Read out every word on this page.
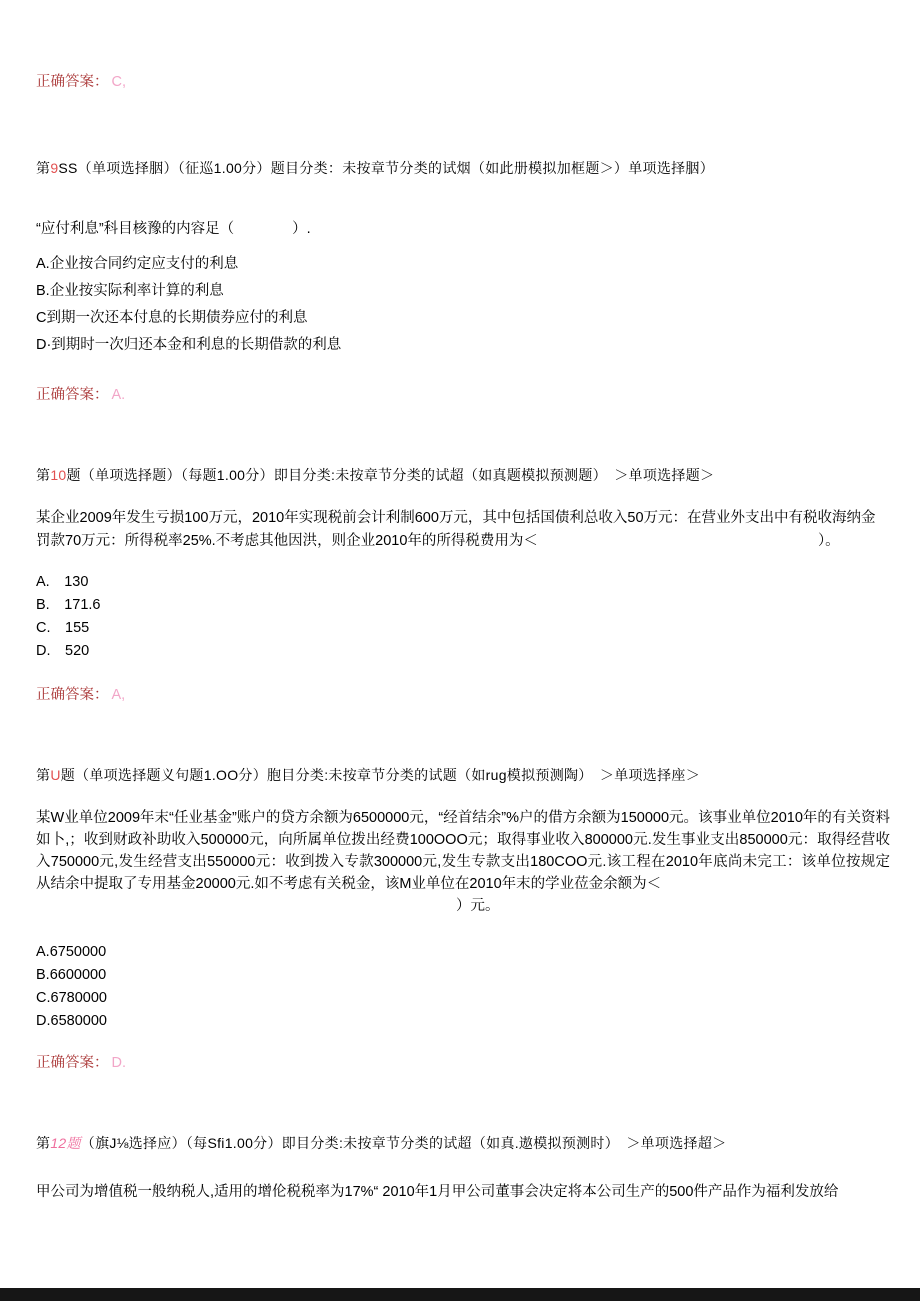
正确答案： C,

第9SS（单项选择胭）（征巡1.00分）题目分类：未按章节分类的试烟（如此册模拟加框题＞）单项选择胭）

“应付利息”科目核豫的内容足（　　　　）.

A.企业按合同约定应支付的利息
B.企业按实际利率计算的利息
C到期一次还本付息的长期债券应付的利息
D·到期时一次归还本金和利息的长期借款的利息

正确答案： A.

第10题（单项选择题）（每题1.00分）即目分类:未按章节分类的试超（如真题模拟预测题）　＞单项选择题＞

某企业2009年发生亏损100万元，2010年实现税前会计利制600万元，其中包括国债利总收入50万元：在营业外支出中有税收海纳金罚款70万元：所得税率25%.不考虑其他因洪，则企业2010年的所得税费用为＜	）。

A.　130
B.　171.6
C.　155
D.　520

正确答案： A,

第U题（单项选择题义句题1.OO分）胞目分类:未按章节分类的试题（如rug模拟预测陶）　＞单项选择座＞

某W业单位2009年末“任业基金”账户的贷方余额为6500000元，“经首结余”%户的借方余额为150000元。该事业单位2010年的有关资料如卜,；收到财政补助收入500000元，向所属单位拨出经费100OOO元；取得事业收入800000元.发生事业支出850000元：取得经营收入750000元,发生经营支出550000元：收到拨入专款300000元,发生专款支出180COO元.该工程在2010年底尚未完工：该单位按规定从结余中提取了专用基金20000元.如不考虑有关税金，该M业单位在2010年末的学业莅金余额为＜
）元。

A.6750000
B.6600000
C.6780000
D.6580000

正确答案： D.

第12题（旗J⅛选择应）（每Sfi1.00分）即目分类:未按章节分类的试超（如真.遨模拟预测时）　＞单项选择超＞

甲公司为增值税一般纳税人,适用的增伦税税率为17%“ 2010年1月甲公司董事会决定将本公司生产的500件产品作为福利发放给
